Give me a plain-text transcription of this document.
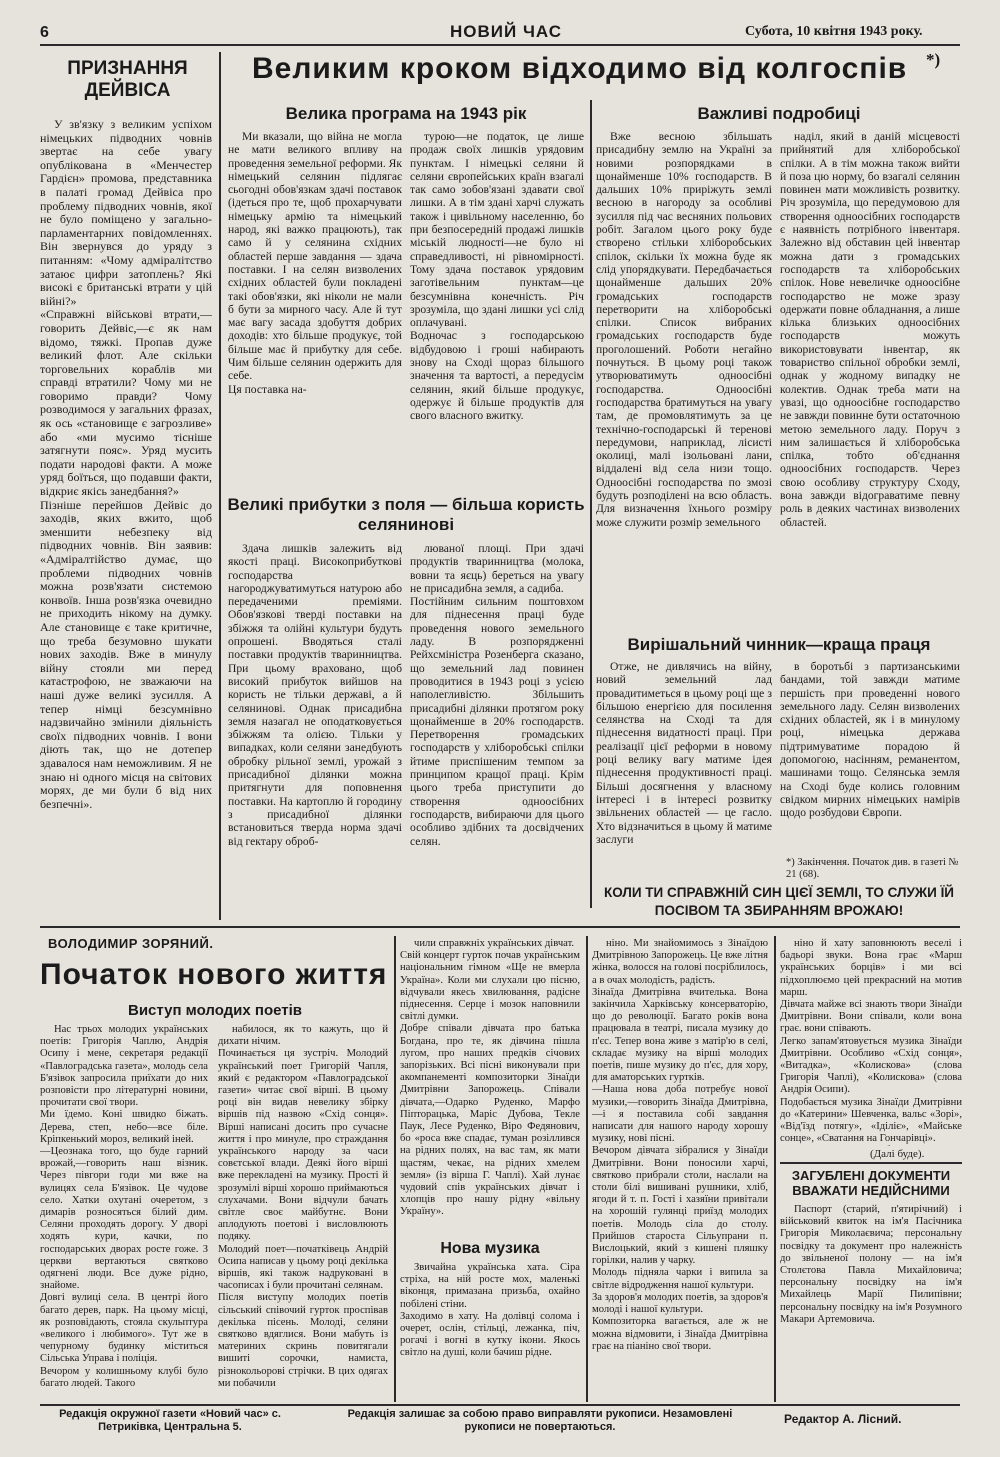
6	НОВИЙ ЧАС	Субота, 10 квітня 1943 року.
ПРИЗНАННЯ ДЕЙВІСА
У зв'язку з великим успіхом німецьких підводних човнів звертає на себе увагу опублікована в «Менчестер Гардієн» промова, представника в палаті громад Дейвіса про проблему підводних човнів, якої не було поміщено у загально-парламентарних повідомленнях. Він звернувся до уряду з питанням: «Чому адміралітство затаює цифри затоплень? Які високі є британські втрати у цій війні?»
«Справжні військові втрати,—говорить Дейвіс,—є як нам відомо, тяжкі. Пропав дуже великий флот. Але скільки торговельних кораблів ми справді втратили? Чому ми не говоримо правди? Чому розводимося у загальних фразах, як ось «становище є загрозливе» або «ми мусимо тісніше затягнути пояс». Уряд мусить подати народові факти. А може уряд боїться, що подавши факти, відкриє якісь занедбання?»
Пізніше перейшов Дейвіс до заходів, яких вжито, щоб зменшити небезпеку від підводних човнів. Він заявив: «Адміралтійство думає, що проблеми підводних човнів можна розв'язати системою конвоїв. Інша розв'язка очевидно не приходить нікому на думку. Але становище є таке критичне, що треба безумовно шукати нових заходів. Вже в минулу війну стояли ми перед катастрофою, не зважаючи на наші дуже великі зусилля. А тепер німці безсумнівно надзвичайно змінили діяльність своїх підводних човнів. І вони діють так, що не дотепер здавалося нам неможливим. Я не знаю ні одного місця на світових морях, де ми були б від них безпечні».
Великим кроком відходимо від колгоспів *)
Велика програма на 1943 рік
Ми вказали, що війна не могла не мати великого впливу на проведення земельної реформи. Як німецький селянин підлягає сьогодні обов'язкам здачі поставок (ідеться про те, щоб прохарчувати німецьку армію та німецький народ, які важко працюють), так само й у селянина східних областей перше завдання — здача поставки. І на селян визволених східних областей були покладені такі обов'язки, які ніколи не мали б бути за мирного часу. Але й тут має вагу засада здобуття добрих доходів: хто більше продукує, той більше має й прибутку для себе. Чим більше селянин одержить для себе.
Ця поставка на-
турою—не податок, це лише продаж своїх лишків урядовим пунктам. І німецькі селяни й селяни європейських країн взагалі так само зобов'язані здавати свої лишки. А в тім здані харчі служать також і цивільному населенню, бо при безпосередній продажі лишків міській людності—не було ні справедливості, ні рівномірності. Тому здача поставок урядовим заготівельним пунктам—це безсумнівна конечність. Річ зрозуміла, що здані лишки усі слід оплачувані.
Водночас з господарською відбудовою і гроші набирають знову на Сході щораз більшого значення та вартості, а передусім селянин, який більше продукує, одержує й більше продуктів для свого власного вжитку.
Великі прибутки з поля — більша користь селянинові
Здача лишків залежить від якості праці. Високоприбуткові господарства нагороджуватимуться натурою або передаченими преміями. Обов'язкові тверді поставки на збіжжя та олійні культури будуть опрошені. Вводяться сталі поставки продуктів тваринництва. При цьому враховано, щоб високий прибуток вийшов на користь не тільки державі, а й селянинові. Однак присадибна земля назагал не оподатковується збіжжям та олією. Тільки у випадках, коли селяни занедбують обробку рільної землі, урожай з присадибної ділянки можна притягнути для поповнення поставки. На картоплю й городину з присадибної ділянки встановиться тверда норма здачі від гектару оброб-
люваної площі. При здачі продуктів тваринництва (молока, вовни та яєць) береться на увагу не присадибна земля, а садиба.
Постійним сильним поштовхом для піднесення праці буде проведення нового земельного ладу. В розпорядженні Рейхсміністра Розенберга сказано, що земельний лад повинен проводитися в 1943 році з усією наполегливістю. Збільшить присадибні ділянки протягом року щонайменше в 20% господарств. Перетворення громадських господарств у хліборобські спілки йтиме приспішеним темпом за принципом кращої праці. Крім цього треба приступити до створення одноосібних господарств, вибираючи для цього особливо здібних та досвідчених селян.
Важливі подробиці
Вже весною збільшать присадибну землю на Україні за новими розпорядками в щонайменше 10% господарств. В дальших 10% приріжуть землі весною в нагороду за особливі зусилля під час весняних польових робіт. Загалом цього року буде створено стільки хліборобських спілок, скільки їх можна буде як слід упорядкувати. Передбачається щонайменше дальших 20% громадських господарств перетворити на хліборобські спілки. Список вибраних громадських господарств буде проголошений. Роботи негайно почнуться. В цьому році також утворюватимуть одноосібні господарства. Одноосібні господарства братимуться на увагу там, де промовлятимуть за це технічно-господарські й теренові передумови, наприклад, лісисті околиці, малі ізольовані лани, віддалені від села низи тощо. Одноосібні господарства по змозі будуть розподілені на всю область. Для визначення їхнього розміру може служити розмір земельного
наділ, який в даній місцевості прийнятий для хліборобської спілки. А в тім можна також вийти й поза цю норму, бо взагалі селянин повинен мати можливість розвитку. Річ зрозуміла, що передумовою для створення одноосібних господарств є наявність потрібного інвентаря. Залежно від обставин цей інвентар можна дати з громадських господарств та хліборобських спілок. Нове невеличке одноосібне господарство не може зразу одержати повне обладнання, а лише кілька близьких одноосібних господарств можуть використовувати інвентар, як товариство спільної обробки землі, однак у жодному випадку не колектив. Однак треба мати на увазі, що одноосібне господарство не завжди повинне бути остаточною метою земельного ладу. Поруч з ним залишається й хліборобська спілка, тобто об'єднання одноосібних господарств. Через свою особливу структуру Сходу, вона завжди відограватиме певну роль в деяких частинах визволених областей.
Вирішальний чинник—краща праця
Отже, не дивлячись на війну, новий земельний лад провадитиметься в цьому році ще з більшою енергією для посилення селянства на Сході та для піднесення видатності праці. При реалізації цієї реформи в новому році велику вагу матиме ідея піднесення продуктивності праці. Більші досягнення у власному інтересі і в інтересі розвитку звільнених областей — це гасло. Хто відзначиться в цьому й матиме заслуги
в боротьбі з партизанськими бандами, той завжди матиме першість при проведенні нового земельного ладу. Селян визволених східних областей, як і в минулому році, німецька держава підтримуватиме порадою й допомогою, насінням, реманентом, машинами тощо. Селянська земля на Сході буде колись головним свідком мирних німецьких намірів щодо розбудови Європи.
*) Закінчення. Початок див. в газеті № 21 (68).
КОЛИ ТИ СПРАВЖНІЙ СИН ЦІЄЇ ЗЕМЛІ, ТО СЛУЖИ ЇЙ ПОСІВОМ ТА ЗБИРАННЯМ ВРОЖАЮ!
ВОЛОДИМИР ЗОРЯНИЙ.
Початок нового життя
Виступ молодих поетів
Нас трьох молодих українських поетів: Григорія Чаплю, Андрія Осипу і мене, секретаря редакції «Павлоградська газета», молодь села Б'язівок запросила приїхати до них розповісти про літературні новини, прочитати свої твори.
Ми їдемо. Коні швидко біжать. Дерева, степ, небо—все біле. Кріпкенький мороз, великий іней.
—Цеознака того, що буде гарний врожай,—говорить наш візник. Через півгори годи ми вже на вулицях села Б'язівок. Це чудове село. Хатки охутані очеретом, з димарів розносяться білий дим. Селяни проходять дорогу. У дворі ходять кури, качки, по господарських дворах росте гоже. З церкви вертаються святково одягнені люди. Все дуже рідно, знайоме.
Довгі вулиці села. В центрі його багато дерев, парк. На цьому місці, як розповідають, стояла скульптура «великого і любимого». Тут же в чепурному будинку міститься Сільська Управа і поліція.
Вечором у колишньому клубі було багато людей. Такого
набилося, як то кажуть, що й дихати нічим.
Починається ця зустріч. Молодий український поет Григорій Чапля, який є редактором «Павлоградської газети» читає свої вірші. В цьому році він видав невелику збірку віршів під назвою «Схід сонця». Вірші написані досить про сучасне життя і про минуле, про страждання українського народу за часи совєтської влади. Деякі його вірші вже перекладені на музику. Прості й зрозумілі вірші хорошо приймаються слухачами. Вони відчули бачать світле своє майбутнє. Вони аплодують поетові і висловлюють подяку.
Молодий поет—початківець Андрій Осипа написав у цьому році декілька віршів, які також надруковані в часописах і були прочитані селянам.
Після виступу молодих поетів сільський співочий гурток проспівав декілька пісень. Молоді, селяни святково вдяглися. Вони мабуть із материних скринь повитягали вишиті сорочки, намиста, різнокольорові стрічки. В цих одягах ми побачили
чили справжніх українських дівчат.
Свій концерт гурток почав українським національним гімном «Ще не вмерла Україна». Коли ми слухали цю пісню, відчували якесь хвилювання, радісне піднесення. Серце і мозок наповнили світлі думки.
Добре співали дівчата про батька Богдана, про те, як дівчина пішла лугом, про наших предків січових запорізьких. Всі пісні виконували при акомпанементі композиторки Зінаїди Дмитрівни Запорожець. Співали дівчата,—Одарко Руденко, Марфо Піпторацька, Маріс Дубова, Текле Паук, Лесе Руденко, Віро Федянович, бо «роса вже спадає, туман розіллився на рідних полях, на вас там, як мати щастям, чекає, на рідних хмелем земля» (із вірша Г. Чаплі). Хай лунає чудовий спів українських дівчат і хлопців про нашу рідну «вільну Україну».
Нова музика
Звичайна українська хата. Сіра стріха, на ній росте мох, маленькі віконця, примазана призьба, охайно побілені стіни.
Заходимо в хату. На долівці солома і очерет, ослін, стільці, лежанка, піч, рогачі і вогні в кутку ікони. Якось світло на душі, коли бачиш рідне.
ніно. Ми знайомимось з Зінаїдою Дмитрівною Запорожець. Це вже літня жінка, волосся на голові посріблилось, а в очах молодість, радість.
Зінаїда Дмитрівна вчителька. Вона закінчила Харківську консерваторію, що до революції. Багато років вона працювала в театрі, писала музику до п'єс. Тепер вона живе з матір'ю в селі, складає музику на вірші молодих поетів, пише музику до п'єс, для хору, для аматорських гуртків.
—Наша нова доба потребує нової музики,—говорить Зінаїда Дмитрівна,—і я поставила собі завдання написати для нашого народу хорошу музику, нові пісні.
Вечором дівчата зібралися у Зінаїди Дмитрівни. Вони поносили харчі, святково прибрали столи, наслали на столи білі вишивані рушники, хліб, ягоди й т. п. Гості і хазяїни привітали на хорошій гулянці приїзд молодих поетів. Молодь сіла до столу. Прийшов староста Сільупрани п. Вислоцький, який з кишені пляшку горілки, налив у чарку.
Молодь підняла чарки і випила за світле відродження нашої культури.
За здоров'я молодих поетів, за здоров'я молоді і нашої культури.
Композиторка вагається, але ж не можна відмовити, і Зінаїда Дмитрівна грає на піаніно свої твори.
ніно й хату заповнюють веселі і бадьорі звуки. Вона грає «Марш українських борців» і ми всі підхоплюємо цей прекрасний на мотив марш.
Дівчата майже всі знають твори Зінаїди Дмитрівни. Вони співали, коли вона грає. вони співають.
Легко запам'ятовується музика Зінаїди Дмитрівни. Особливо «Схід сонця», «Витадка», «Колискова» (слова Григорія Чаплі), «Колискова» (слова Андрія Осипи).
Подобається музика Зінаїди Дмитрівни до «Катерини» Шевченка, вальс «Зорі», «Від'їзд потягу», «Іділіє», «Майське сонце», «Сватання на Гончарівці».

(Далі буде).
ЗАГУБЛЕНІ ДОКУМЕНТИ ВВАЖАТИ НЕДІЙСНИМИ
Паспорт (старий, п'ятирічний) і військовий квиток на ім'я Пасічника Григорія Миколаєвича; персональну посвідку та документ про належність до звільненої полону — на ім'я Столєтова Павла Михайловича; персональну посвідку на ім'я Михайлець Марії Пилипівни; персональну посвідку на ім'я Розумного Макари Артемовича.
Редакція окружної газети «Новий час» с. Петриківка, Центральна 5.
Редакція залишає за собою право виправляти рукописи. Незамовлені рукописи не повертаються.
Редактор А. Лісний.
